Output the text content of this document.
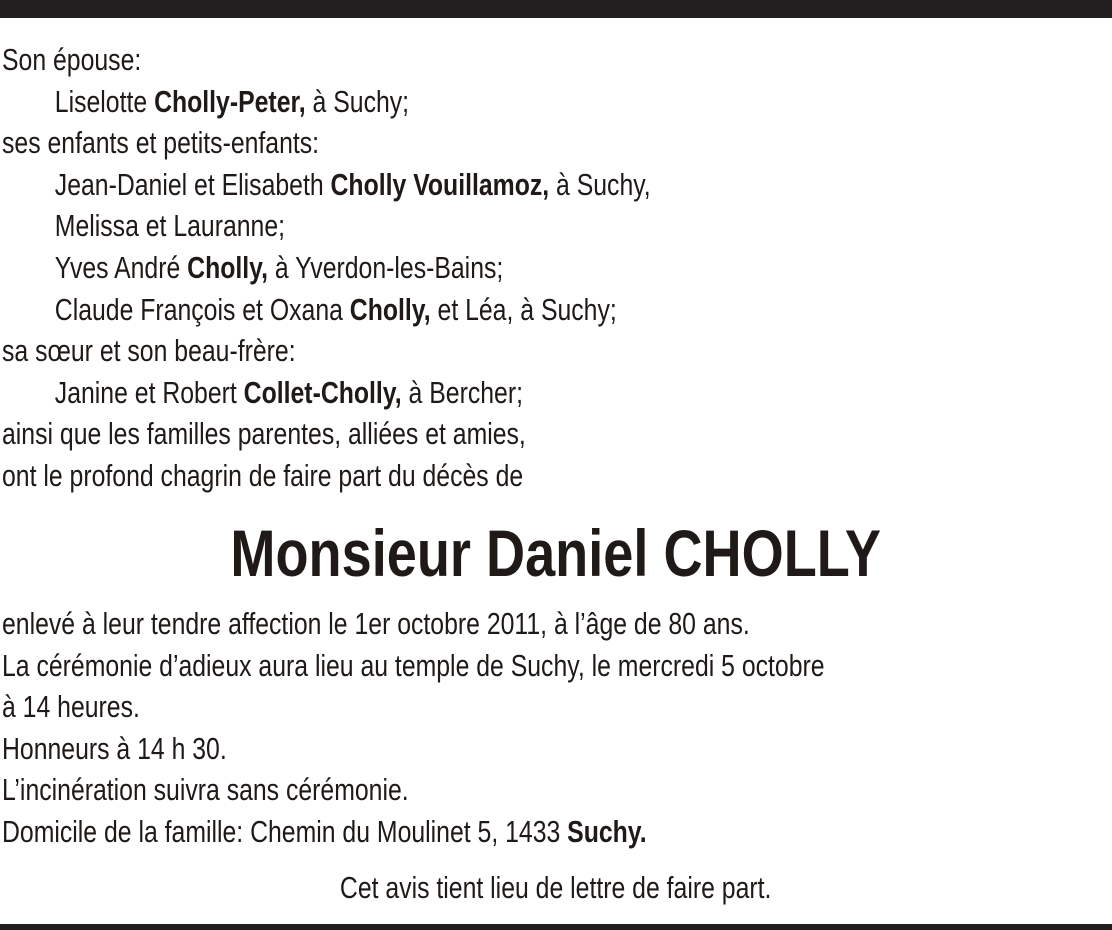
Son épouse:
Liselotte Cholly-Peter, à Suchy;
ses enfants et petits-enfants:
Jean-Daniel et Elisabeth Cholly Vouillamoz, à Suchy,
Melissa et Lauranne;
Yves André Cholly, à Yverdon-les-Bains;
Claude François et Oxana Cholly, et Léa, à Suchy;
sa sœur et son beau-frère:
Janine et Robert Collet-Cholly, à Bercher;
ainsi que les familles parentes, alliées et amies,
ont le profond chagrin de faire part du décès de
Monsieur Daniel CHOLLY
enlevé à leur tendre affection le 1er octobre 2011, à l’âge de 80 ans.
La cérémonie d’adieux aura lieu au temple de Suchy, le mercredi 5 octobre
à 14 heures.
Honneurs à 14 h 30.
L’incinération suivra sans cérémonie.
Domicile de la famille: Chemin du Moulinet 5, 1433 Suchy.
Cet avis tient lieu de lettre de faire part.
